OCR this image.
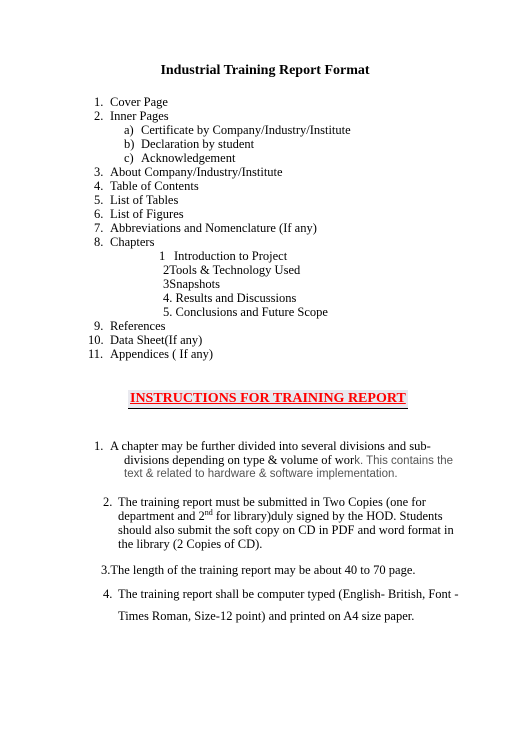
Industrial Training Report Format
1. Cover Page
2. Inner Pages
a) Certificate by Company/Industry/Institute
b) Declaration by student
c) Acknowledgement
3. About Company/Industry/Institute
4. Table of Contents
5. List of Tables
6. List of Figures
7. Abbreviations and Nomenclature (If any)
8. Chapters
1 Introduction to Project
2Tools & Technology Used
3Snapshots
4. Results and Discussions
5. Conclusions and Future Scope
9. References
10. Data Sheet(If any)
11. Appendices ( If any)
INSTRUCTIONS FOR TRAINING REPORT
1. A chapter may be further divided into several divisions and sub-
divisions depending on type & volume of work. This contains the
text & related to hardware & software implementation.
2. The training report must be submitted in Two Copies (one for
department and 2nd for library)duly signed by the HOD. Students
should also submit the soft copy on CD in PDF and word format in
the library (2 Copies of CD).
3.The length of the training report may be about 40 to 70 page.
4. The training report shall be computer typed (English- British, Font -
Times Roman, Size-12 point) and printed on A4 size paper.
